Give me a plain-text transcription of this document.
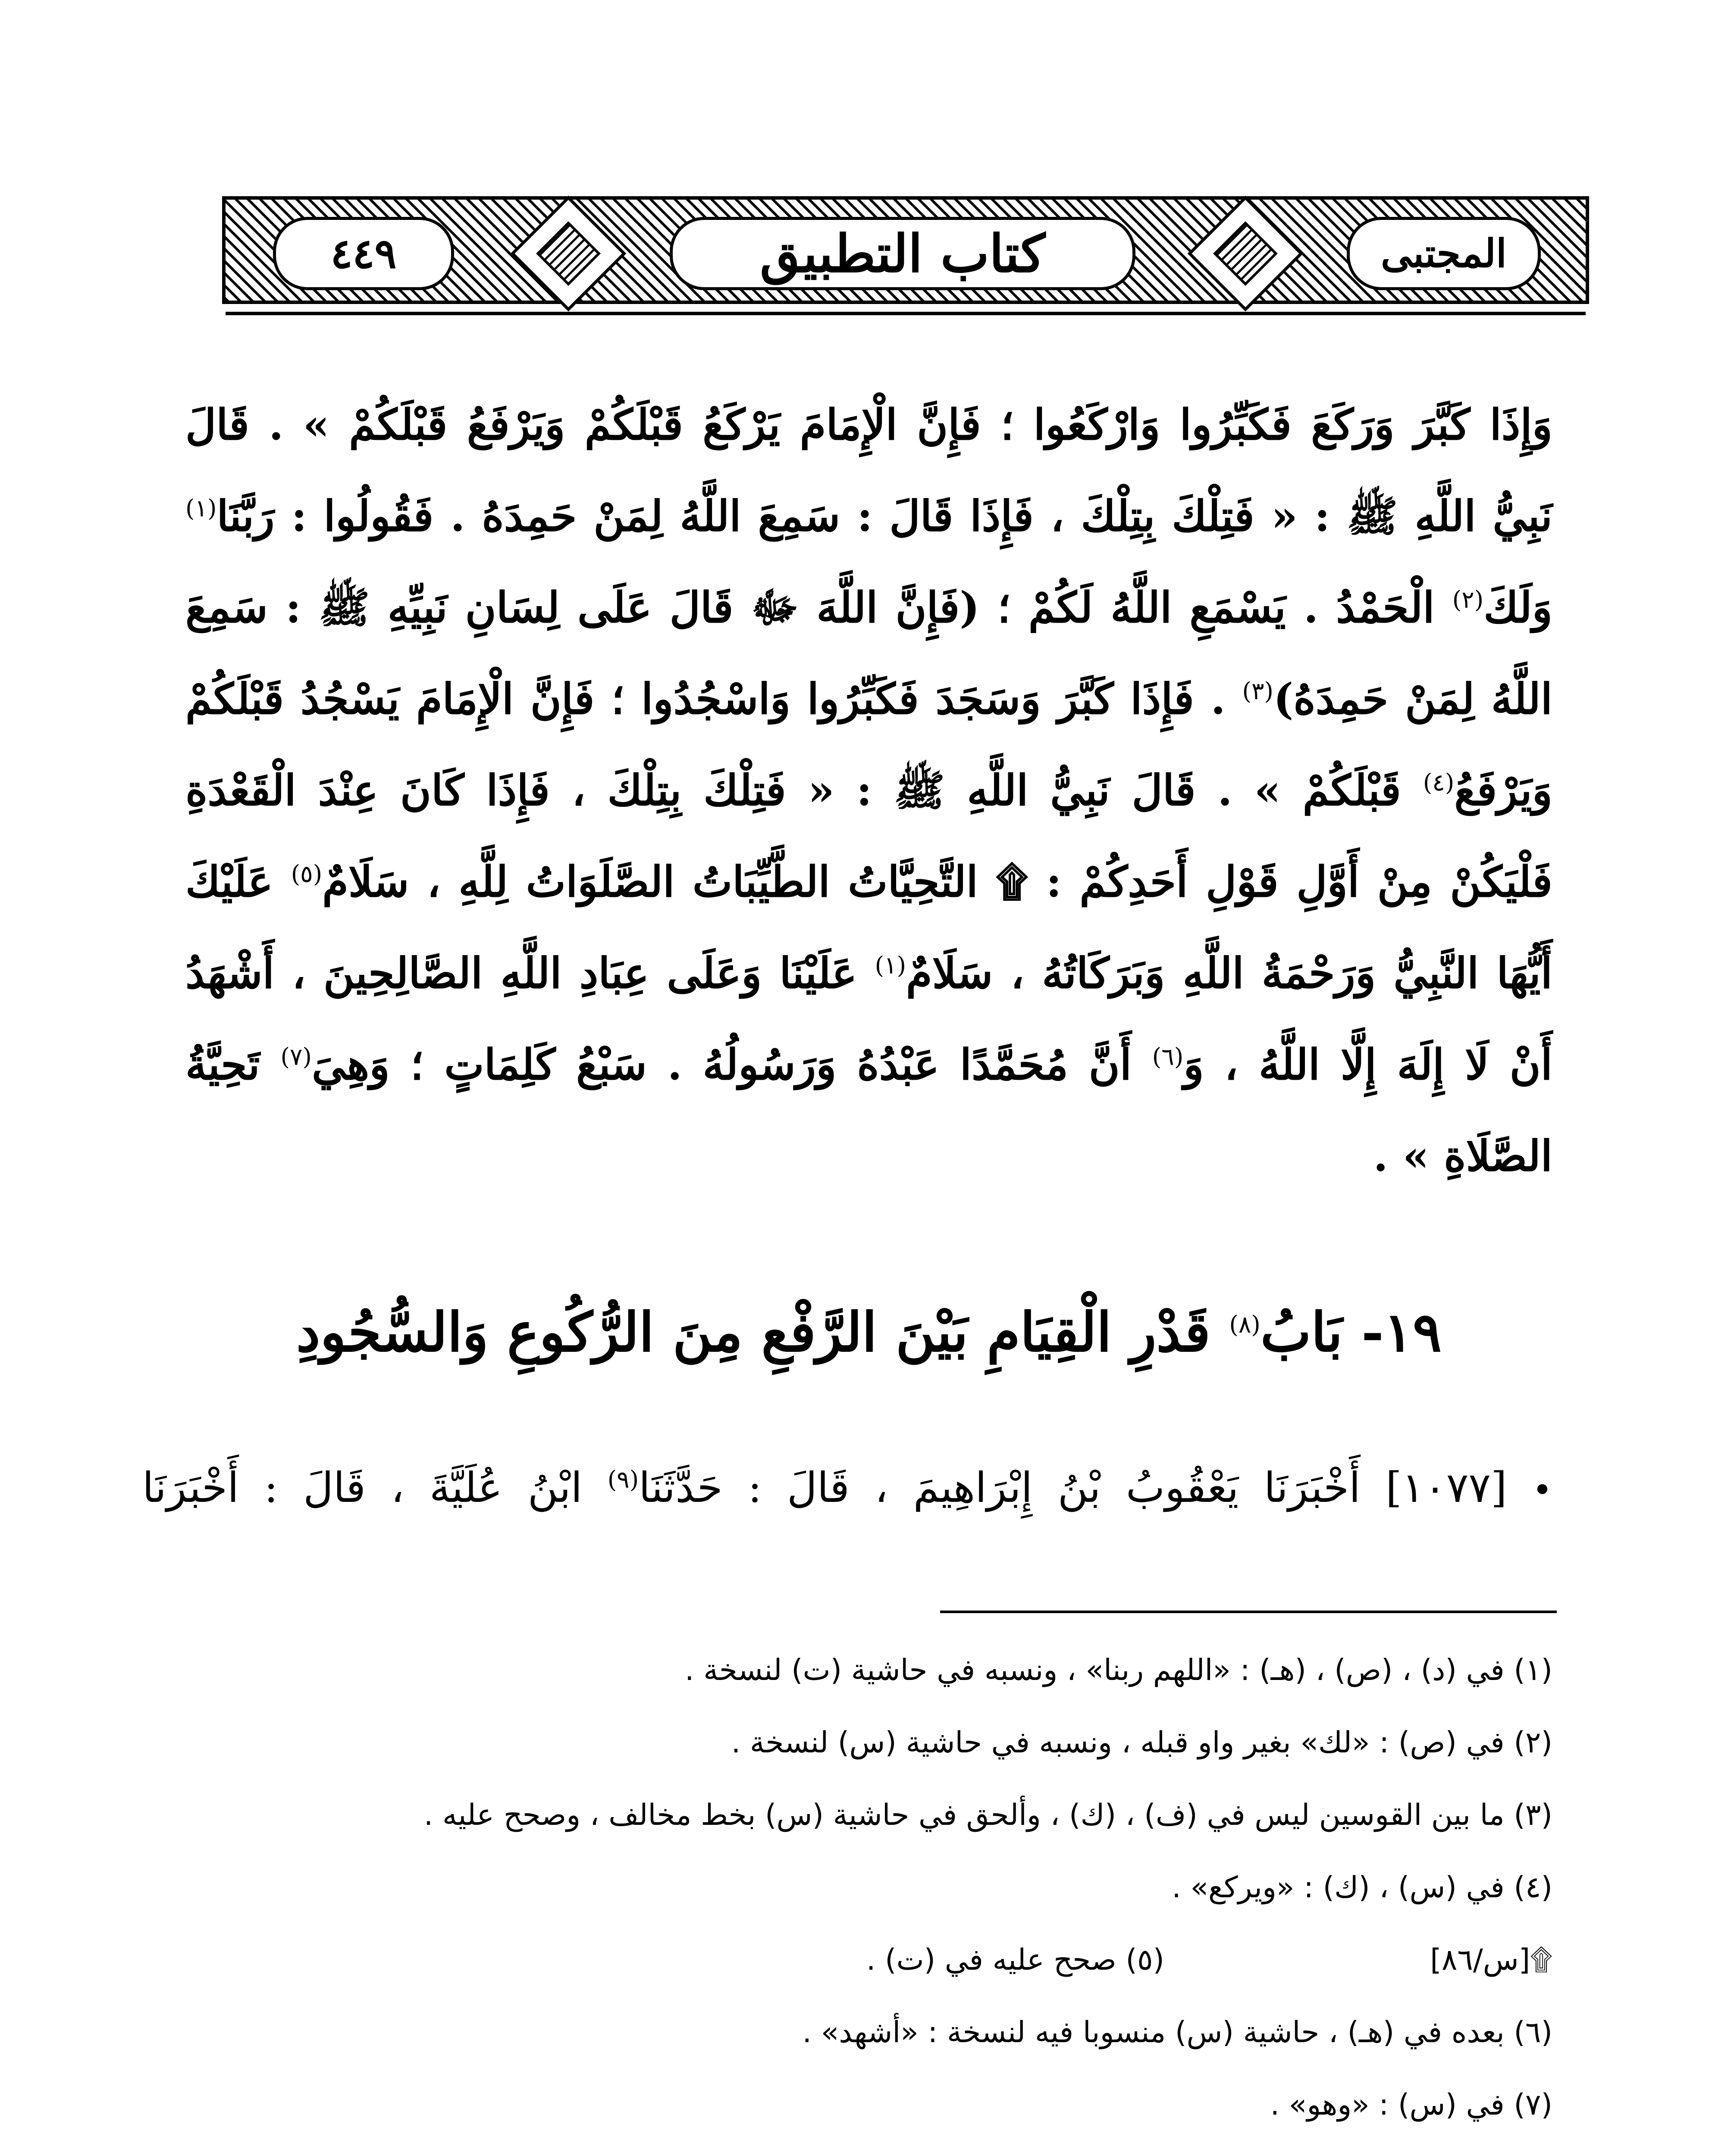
٤٤٩	كتاب التطبيق	المجتبى
وَإِذَا كَبَّرَ وَرَكَعَ فَكَبِّرُوا وَارْكَعُوا ؛ فَإِنَّ الْإِمَامَ يَرْكَعُ قَبْلَكُمْ وَيَرْفَعُ قَبْلَكُمْ » . قَالَ نَبِيُّ اللَّهِ ﷺ : « فَتِلْكَ بِتِلْكَ ، فَإِذَا قَالَ : سَمِعَ اللَّهُ لِمَنْ حَمِدَهُ . فَقُولُوا : رَبَّنَا$^{(١)}$ وَلَكَ$^{(٢)}$ الْحَمْدُ . يَسْمَعِ اللَّهُ لَكُمْ ؛ (فَإِنَّ اللَّهَ ﷻ قَالَ عَلَى لِسَانِ نَبِيِّهِ ﷺ : سَمِعَ اللَّهُ لِمَنْ حَمِدَهُ)$^{(٣)}$ . فَإِذَا كَبَّرَ وَسَجَدَ فَكَبِّرُوا وَاسْجُدُوا ؛ فَإِنَّ الْإِمَامَ يَسْجُدُ قَبْلَكُمْ وَيَرْفَعُ$^{(٤)}$ قَبْلَكُمْ » . قَالَ نَبِيُّ اللَّهِ ﷺ : « فَتِلْكَ بِتِلْكَ ، فَإِذَا كَانَ عِنْدَ الْقَعْدَةِ فَلْيَكُنْ مِنْ أَوَّلِ قَوْلِ أَحَدِكُمْ : ۩ التَّحِيَّاتُ الطَّيِّبَاتُ الصَّلَوَاتُ لِلَّهِ ، سَلَامٌ$^{(٥)}$ عَلَيْكَ أَيُّهَا النَّبِيُّ وَرَحْمَةُ اللَّهِ وَبَرَكَاتُهُ ، سَلَامٌ$^{(١)}$ عَلَيْنَا وَعَلَى عِبَادِ اللَّهِ الصَّالِحِينَ ، أَشْهَدُ أَنْ لَا إِلَهَ إِلَّا اللَّهُ ، وَ$^{(٦)}$ أَنَّ مُحَمَّدًا عَبْدُهُ وَرَسُولُهُ . سَبْعُ كَلِمَاتٍ ؛ وَهِيَ$^{(٧)}$ تَحِيَّةُ الصَّلَاةِ » .
١٩- بَابُ$^{(٨)}$ قَدْرِ الْقِيَامِ بَيْنَ الرَّفْعِ مِنَ الرُّكُوعِ وَالسُّجُودِ
• [١٠٧٧] أَخْبَرَنَا يَعْقُوبُ بْنُ إِبْرَاهِيمَ ، قَالَ : حَدَّثَنَا$^{(٩)}$ ابْنُ عُلَيَّةَ ، قَالَ : أَخْبَرَنَا
(١) في (د) ، (ص) ، (هـ) : «اللهم ربنا» ، ونسبه في حاشية (ت) لنسخة .
(٢) في (ص) : «لك» بغير واو قبله ، ونسبه في حاشية (س) لنسخة .
(٣) ما بين القوسين ليس في (ف) ، (ك) ، وألحق في حاشية (س) بخط مخالف ، وصحح عليه .
(٤) في (س) ، (ك) : «ويركع» .
۩[س/٨٦]
(٥) صحح عليه في (ت) .
(٦) بعده في (هـ) ، حاشية (س) منسوبا فيه لنسخة : «أشهد» .
(٧) في (س) : «وهو» .
